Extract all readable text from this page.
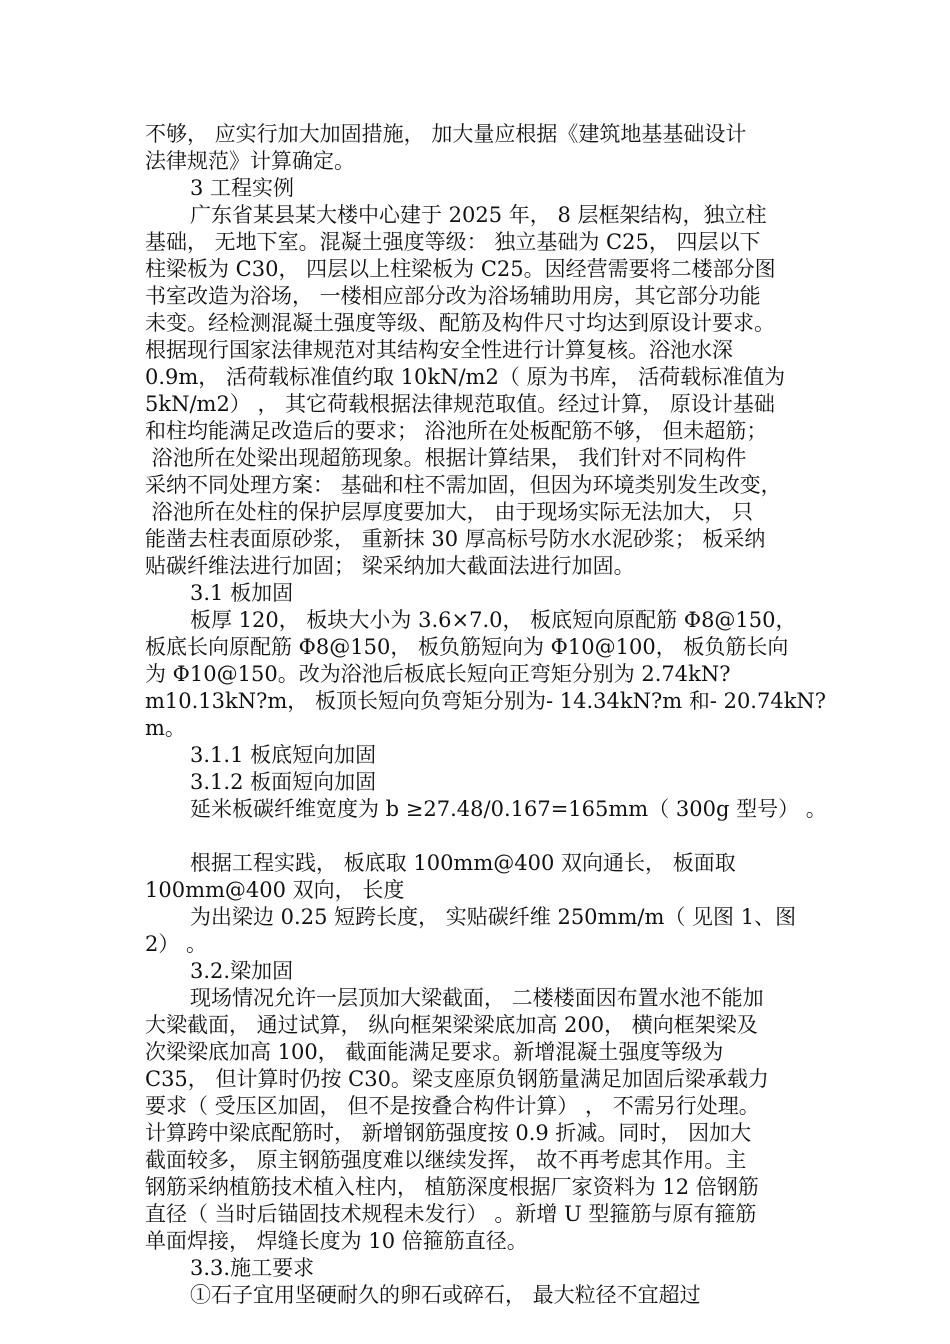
不够， 应实行加大加固措施， 加大量应根据《建筑地基基础设计
法律规范》计算确定。
3 工程实例
广东省某县某大楼中心建于 2025 年， 8 层框架结构，独立柱
基础， 无地下室。混凝土强度等级： 独立基础为 C25， 四层以下
柱梁板为 C30， 四层以上柱梁板为 C25。因经营需要将二楼部分图
书室改造为浴场， 一楼相应部分改为浴场辅助用房，其它部分功能
未变。经检测混凝土强度等级、配筋及构件尺寸均达到原设计要求。
根据现行国家法律规范对其结构安全性进行计算复核。浴池水深
0.9m， 活荷载标准值约取 10kN/m2（ 原为书库， 活荷载标准值为
5kN/m2） ， 其它荷载根据法律规范取值。经过计算， 原设计基础
和柱均能满足改造后的要求； 浴池所在处板配筋不够， 但未超筋；
浴池所在处梁出现超筋现象。根据计算结果， 我们针对不同构件
采纳不同处理方案： 基础和柱不需加固，但因为环境类别发生改变，
浴池所在处柱的保护层厚度要加大， 由于现场实际无法加大， 只
能凿去柱表面原砂浆， 重新抹 30 厚高标号防水水泥砂浆； 板采纳
贴碳纤维法进行加固； 梁采纳加大截面法进行加固。
3.1 板加固
板厚 120， 板块大小为 3.6×7.0， 板底短向原配筋 Φ8@150，
板底长向原配筋 Φ8@150， 板负筋短向为 Φ10@100， 板负筋长向
为 Φ10@150。改为浴池后板底长短向正弯矩分别为 2.74kN?
m10.13kN?m， 板顶长短向负弯矩分别为- 14.34kN?m 和- 20.74kN?
m。
3.1.1 板底短向加固
3.1.2 板面短向加固
延米板碳纤维宽度为 b ≥27.48/0.167=165mm（ 300g 型号） 。
根据工程实践， 板底取 100mm@400 双向通长， 板面取
100mm@400 双向， 长度
为出梁边 0.25 短跨长度， 实贴碳纤维 250mm/m（ 见图 1、图
2） 。
3.2.梁加固
现场情况允许一层顶加大梁截面， 二楼楼面因布置水池不能加
大梁截面， 通过试算， 纵向框架梁梁底加高 200， 横向框架梁及
次梁梁底加高 100， 截面能满足要求。新增混凝土强度等级为
C35， 但计算时仍按 C30。梁支座原负钢筋量满足加固后梁承载力
要求（ 受压区加固， 但不是按叠合构件计算） ， 不需另行处理。
计算跨中梁底配筋时， 新增钢筋强度按 0.9 折减。同时， 因加大
截面较多， 原主钢筋强度难以继续发挥， 故不再考虑其作用。主
钢筋采纳植筋技术植入柱内， 植筋深度根据厂家资料为 12 倍钢筋
直径（ 当时后锚固技术规程未发行） 。新增 U 型箍筋与原有箍筋
单面焊接， 焊缝长度为 10 倍箍筋直径。
3.3.施工要求
①石子宜用坚硬耐久的卵石或碎石， 最大粒径不宜超过
